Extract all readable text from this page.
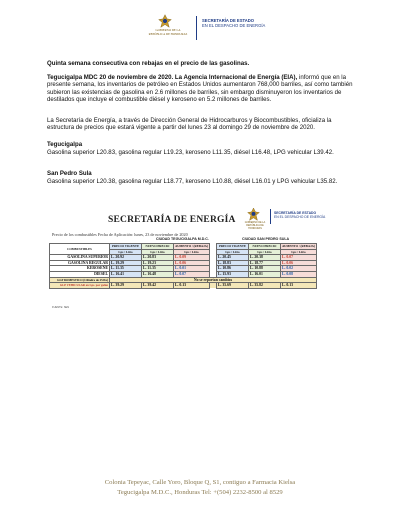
GOBIERNO DE LA
REPÚBLICA DE HONDURAS
SECRETARÍA DE ESTADO
EN EL DESPACHO DE ENERGÍA
Quinta semana consecutiva con rebajas en el precio de las gasolinas.
Tegucigalpa MDC 20 de noviembre de 2020. La Agencia Internacional de Energía (EIA), informó que en la presente semana, los inventarios de petróleo en Estados Unidos aumentaron 768,000 barriles, así como también subieron las existencias de gasolina en 2.6 millones de barriles, sin embargo disminuyeron los inventarios de destilados que incluye el combustible diésel y keroseno en 5.2 millones de barriles.
La Secretaría de Energía, a través de Dirección General de Hidrocarburos y Biocombustibles, oficializa la estructura de precios que estará vigente a partir del lunes 23 al domingo 29 de noviembre de 2020.
Tegucigalpa
Gasolina superior L20.83, gasolina regular L19.23, keroseno L11.35, diésel L16.48, LPG vehicular L39.42.
San Pedro Sula
Gasolina superior L20.38, gasolina regular L18.77, keroseno L10.88, diésel L16.01 y LPG vehicular L35.82.
SECRETARÍA DE ENERGÍA	GOBIERNO DE LA
REPÚBLICA DE HONDURAS
SECRETARÍA DE ESTADO
EN EL DESPACHO DE ENERGÍA
Precio de los combustibles Fecha de Aplicación: lunes, 23 de noviembre de 2020
CIUDAD TEGUCIGALPA M.D.C.	CIUDAD SAN PEDRO SULA
COMBUSTIBLES	PRECIO VIGENTE	NUEVO PRECIO	AUMENTO / (REBAJA)		PRECIO VIGENTE	NUEVO PRECIO	AUMENTO / (REBAJA)
	Lps / Litro	Lps / Litro	Lps / Litro		Lps / Litro	Lps / Litro	Lps / Litro
GASOLINA SUPERIOR	L. 20.92	L. 20.83	L. 0.09		L. 20.45	L. 20.38	L. 0.07
GASOLINA REGULAR	L. 19.29	L. 19.23	L. 0.06		L. 18.83	L. 18.77	L. 0.06
KEROSENE	L. 11.35	L. 11.35	L. 0.01		L. 10.86	L. 10.88	L. 0.02
DIESEL	L. 16.41	L. 16.48	L. 0.07		L. 15.93	L. 16.01	L. 0.08
GLP DOMESTICO (Cilindro de 25 lbs)	No se reportan cambios						
GLP VEHICULAR en Lps. por galón	L. 39.29	L. 39.42	L. 0.13		L. 35.69	L. 35.82	L. 0.13
FUENTE: SEN
Colonia Tepeyac, Calle Yoro, Bloque Q, S1, contiguo a Farmacia Kielsa
Tegucigalpa M.D.C., Honduras Tel: +(504) 2232-8500 al 8529
